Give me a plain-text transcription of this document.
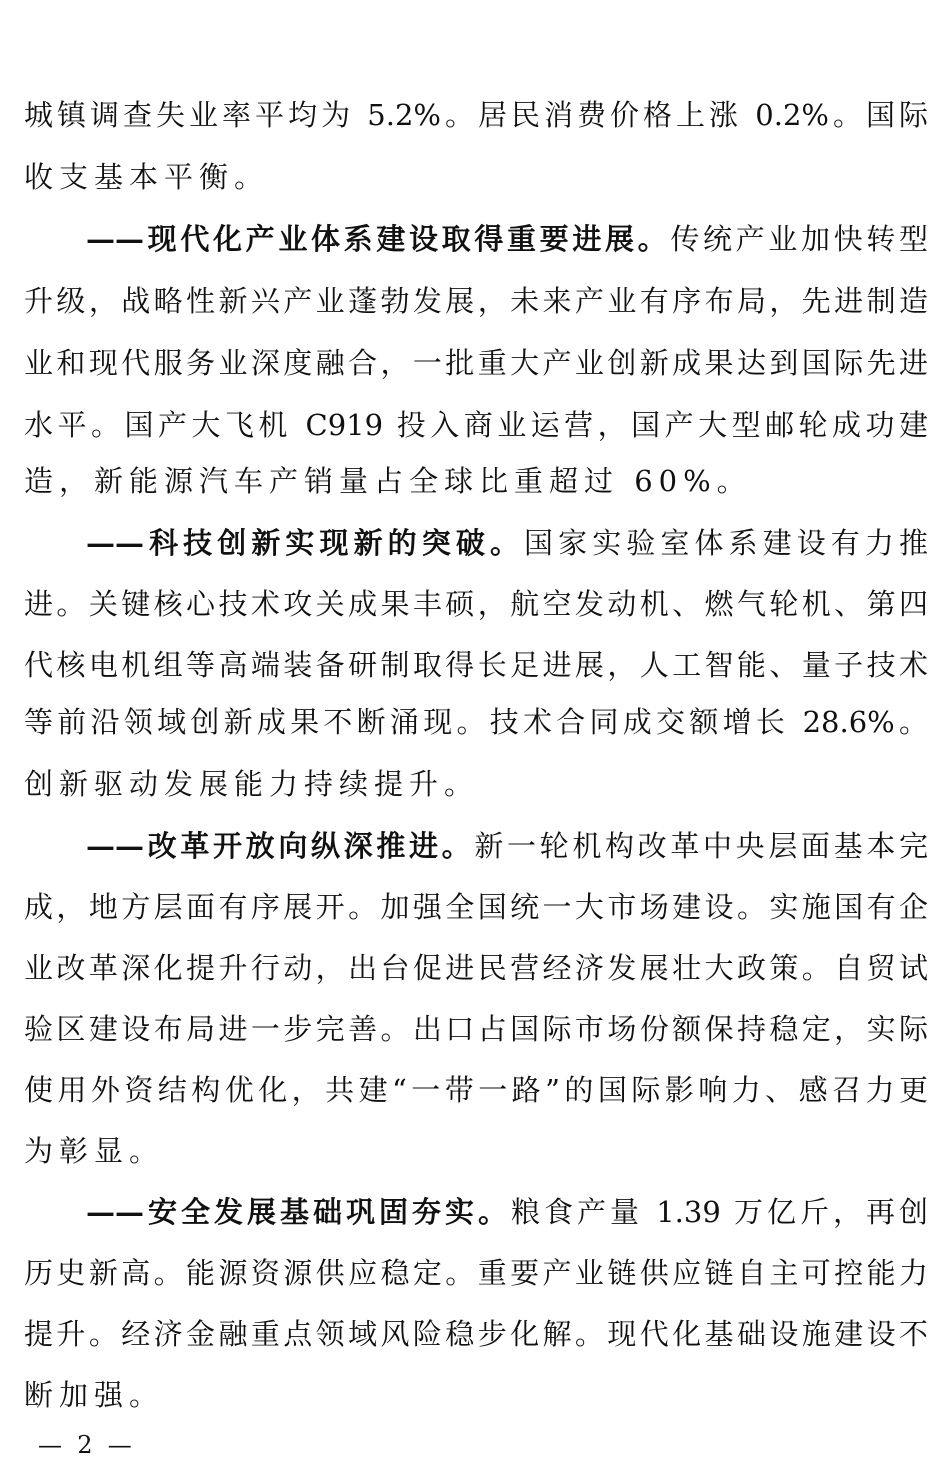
城镇调查失业率平均为 5.2%。居民消费价格上涨 0.2%。国际
收支基本平衡。
——现代化产业体系建设取得重要进展。传统产业加快转型
升级，战略性新兴产业蓬勃发展，未来产业有序布局，先进制造
业和现代服务业深度融合，一批重大产业创新成果达到国际先进
水平。国产大飞机 C919 投入商业运营，国产大型邮轮成功建
造，新能源汽车产销量占全球比重超过 60%。
——科技创新实现新的突破。国家实验室体系建设有力推
进。关键核心技术攻关成果丰硕，航空发动机、燃气轮机、第四
代核电机组等高端装备研制取得长足进展，人工智能、量子技术
等前沿领域创新成果不断涌现。技术合同成交额增长 28.6%。
创新驱动发展能力持续提升。
——改革开放向纵深推进。新一轮机构改革中央层面基本完
成，地方层面有序展开。加强全国统一大市场建设。实施国有企
业改革深化提升行动，出台促进民营经济发展壮大政策。自贸试
验区建设布局进一步完善。出口占国际市场份额保持稳定，实际
使用外资结构优化，共建“一带一路”的国际影响力、感召力更
为彰显。
——安全发展基础巩固夯实。粮食产量 1.39 万亿斤，再创
历史新高。能源资源供应稳定。重要产业链供应链自主可控能力
提升。经济金融重点领域风险稳步化解。现代化基础设施建设不
断加强。
—  2  —
